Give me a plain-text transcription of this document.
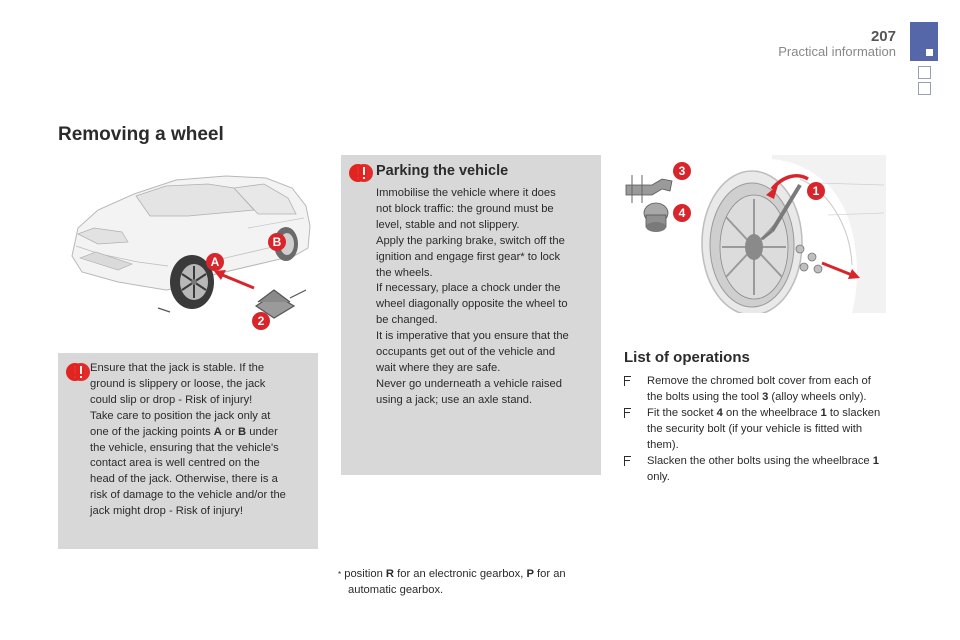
207
Practical information
Removing a wheel
A
B
2

Ensure that the jack is stable. If the

ground is slippery or loose, the jack

could slip or drop - Risk of injury!

Take care to position the jack only at

one of the jacking points A or B under

the vehicle, ensuring that the vehicle's

contact area is well centred on the

head of the jack. Otherwise, there is a

risk of damage to the vehicle and/or the

jack might drop - Risk of injury!

Parking the vehicle

Immobilise the vehicle where it does

not block traffic: the ground must be

level, stable and not slippery.

Apply the parking brake, switch off the

ignition and engage first gear* to lock

the wheels.

If necessary, place a chock under the

wheel diagonally opposite the wheel to

be changed.

It is imperative that you ensure that the

occupants get out of the vehicle and

wait where they are safe.

Never go underneath a vehicle raised

using a jack; use an axle stand.

* position R for an electronic gearbox, P for an
automatic gearbox.
3
4
1
List of operations
Remove the chromed bolt cover from each of the bolts using the tool 3 (alloy wheels only).
Fit the socket 4 on the wheelbrace 1 to slacken the security bolt (if your vehicle is fitted with them).
Slacken the other bolts using the wheelbrace 1 only.
